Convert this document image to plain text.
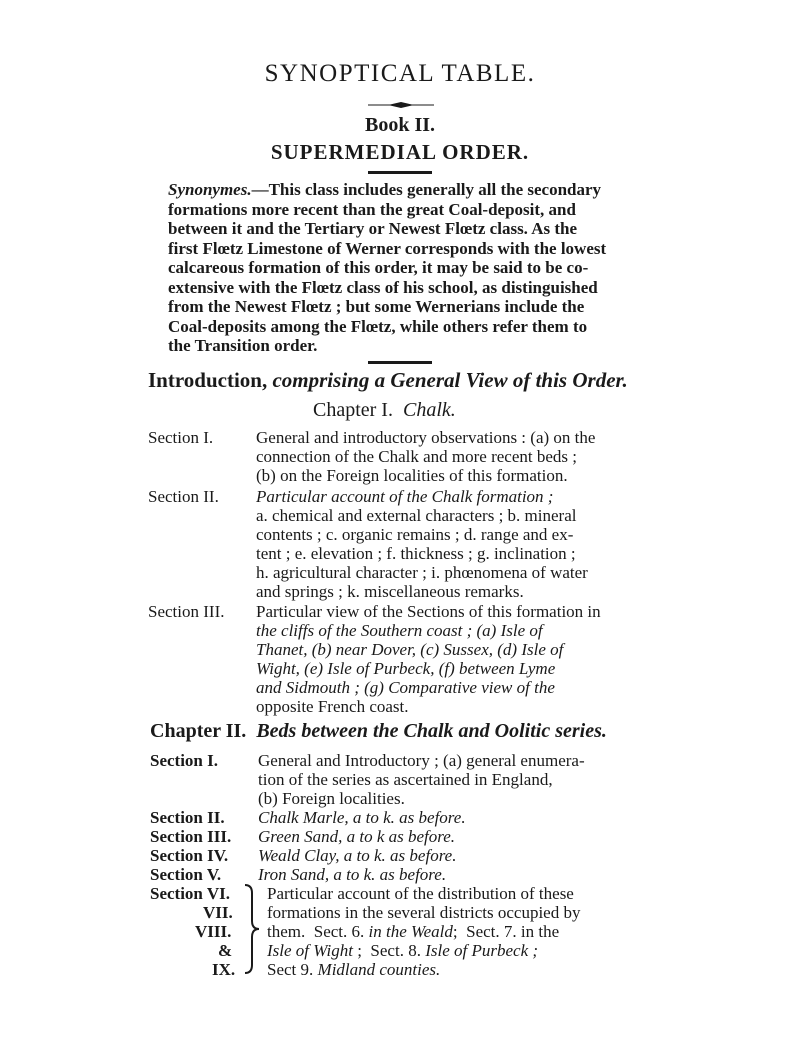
SYNOPTICAL TABLE.
Book II.
SUPERMEDIAL ORDER.
Synonymes.—This class includes generally all the secondary
formations more recent than the great Coal-deposit, and
between it and the Tertiary or Newest Flœtz class. As the
first Flœtz Limestone of Werner corresponds with the lowest
calcareous formation of this order, it may be said to be co-
extensive with the Flœtz class of his school, as distinguished
from the Newest Flœtz ; but some Wernerians include the
Coal-deposits among the Flœtz, while others refer them to
the Transition order.
Introduction, comprising a General View of this Order.
Chapter I.  Chalk.
Section I.	General and introductory observations : (a) on the
connection of the Chalk and more recent beds ;
(b) on the Foreign localities of this formation.
Section II. Particular account of the Chalk formation ;
a. chemical and external characters ; b. mineral
contents ; c. organic remains ; d. range and ex-
tent ; e. elevation ; f. thickness ; g. inclination ;
h. agricultural character ; i. phœnomena of water
and springs ; k. miscellaneous remarks.
Section III. Particular view of the Sections of this formation in
the cliffs of the Southern coast ; (a) Isle of
Thanet, (b) near Dover, (c) Sussex, (d) Isle of
Wight, (e) Isle of Purbeck, (f) between Lyme
and Sidmouth ; (g) Comparative view of the
opposite French coast.
Chapter II.  Beds between the Chalk and Oolitic series.
Section I. General and Introductory ; (a) general enumera-
tion of the series as ascertained in England,
(b) Foreign localities.
Section II. Chalk Marle, a to k. as before.
Section III. Green Sand, a to k as before.
Section IV. Weald Clay, a to k. as before.
Section V. Iron Sand, a to k. as before.
Section VI.
VII.
VIII.
&
IX.
Particular account of the distribution of these
formations in the several districts occupied by
them.  Sect. 6. in the Weald;  Sect. 7. in the
Isle of Wight ;  Sect. 8. Isle of Purbeck ;
Sect 9. Midland counties.
